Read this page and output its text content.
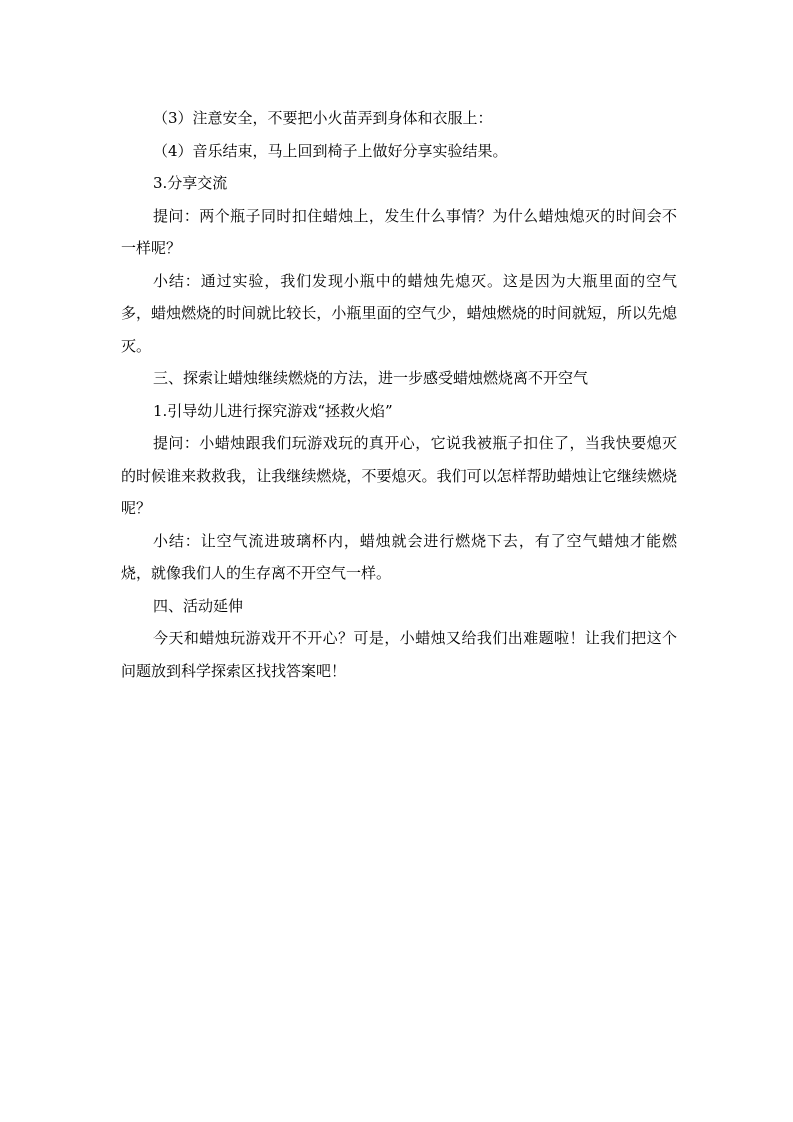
（3）注意安全，不要把小火苗弄到身体和衣服上：

（4）音乐结束，马上回到椅子上做好分享实验结果。

3.分享交流

提问：两个瓶子同时扣住蜡烛上，发生什么事情？为什么蜡烛熄灭的时间会不一样呢？

小结：通过实验，我们发现小瓶中的蜡烛先熄灭。这是因为大瓶里面的空气多，蜡烛燃烧的时间就比较长，小瓶里面的空气少，蜡烛燃烧的时间就短，所以先熄灭。

三、探索让蜡烛继续燃烧的方法，进一步感受蜡烛燃烧离不开空气

1.引导幼儿进行探究游戏“拯救火焰”

提问：小蜡烛跟我们玩游戏玩的真开心，它说我被瓶子扣住了，当我快要熄灭的时候谁来救救我，让我继续燃烧，不要熄灭。我们可以怎样帮助蜡烛让它继续燃烧呢？

小结：让空气流进玻璃杯内，蜡烛就会进行燃烧下去，有了空气蜡烛才能燃烧，就像我们人的生存离不开空气一样。

四、活动延伸

今天和蜡烛玩游戏开不开心？可是，小蜡烛又给我们出难题啦！让我们把这个问题放到科学探索区找找答案吧！
